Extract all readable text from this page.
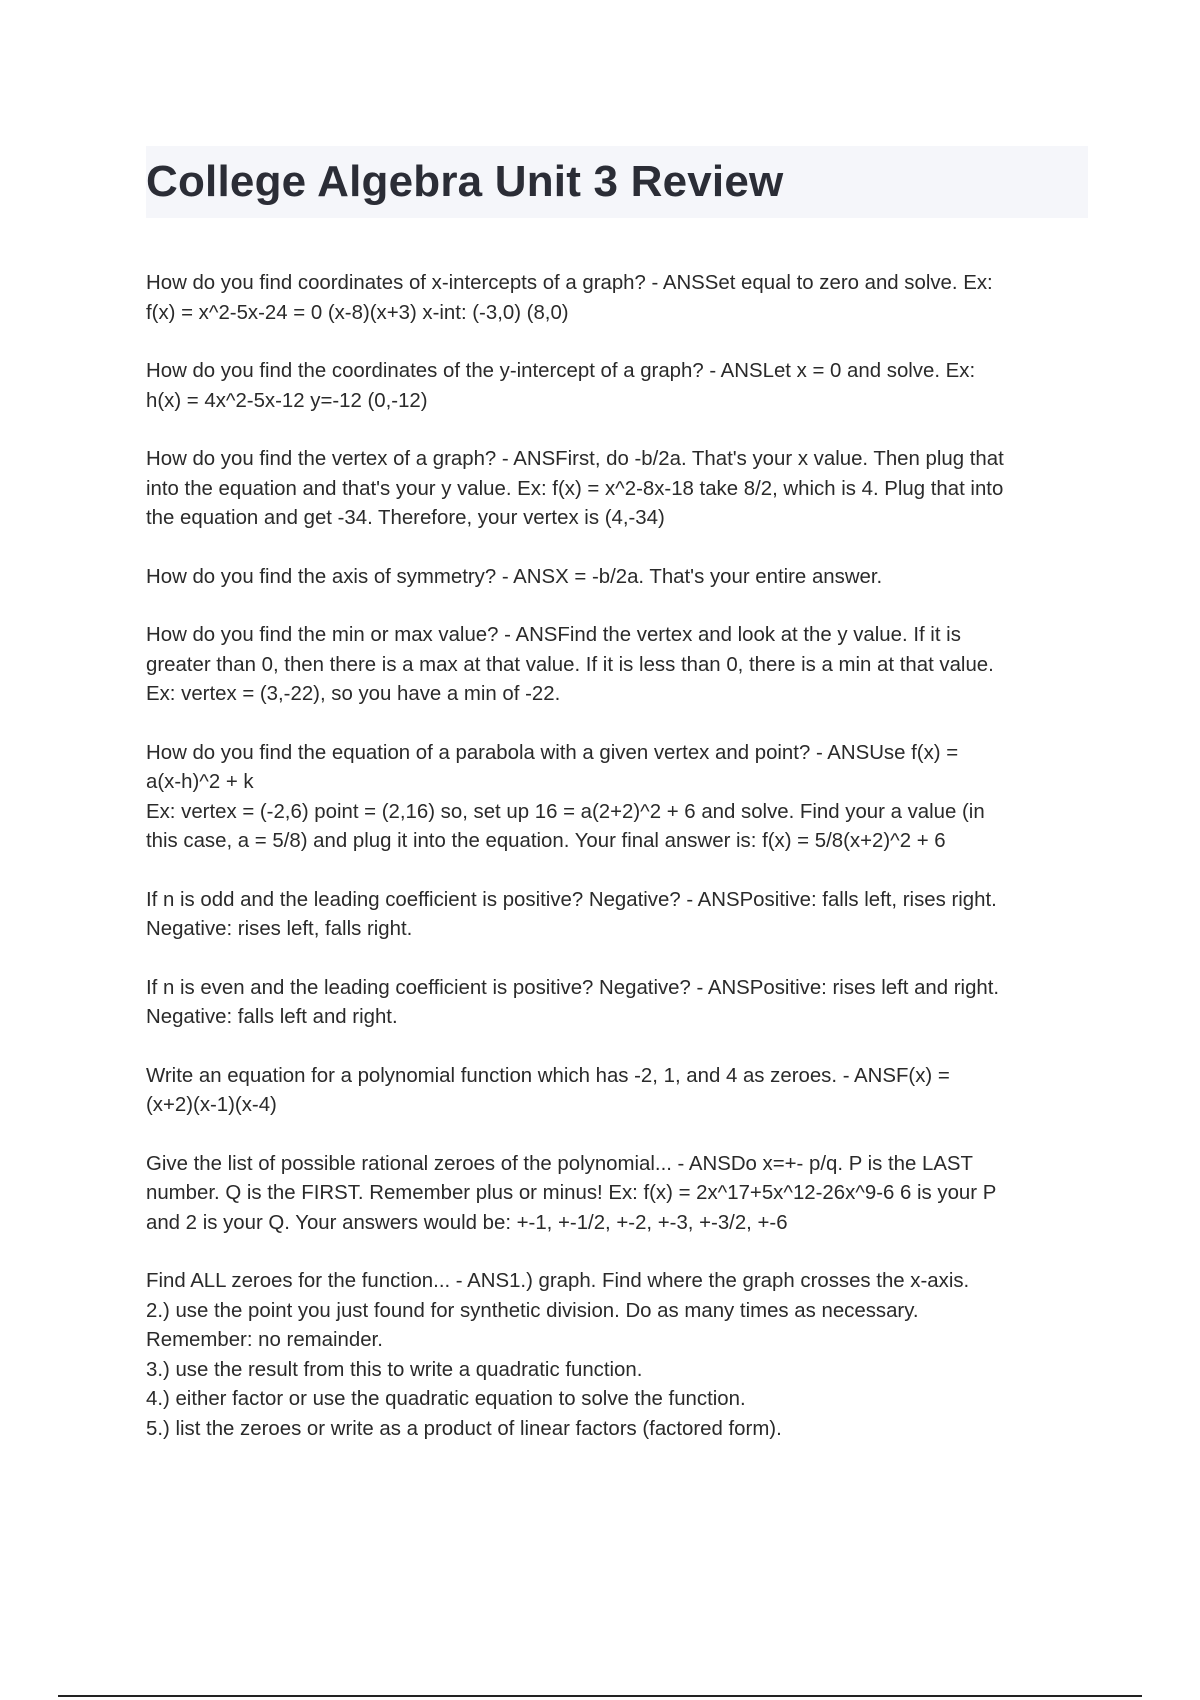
College Algebra Unit 3 Review

How do you find coordinates of x-intercepts of a graph? - ANSSet equal to zero and solve. Ex:
f(x) = x^2-5x-24 = 0 (x-8)(x+3) x-int: (-3,0) (8,0)

How do you find the coordinates of the y-intercept of a graph? - ANSLet x = 0 and solve. Ex:
h(x) = 4x^2-5x-12 y=-12 (0,-12)

How do you find the vertex of a graph? - ANSFirst, do -b/2a. That's your x value. Then plug that
into the equation and that's your y value. Ex: f(x) = x^2-8x-18 take 8/2, which is 4. Plug that into
the equation and get -34. Therefore, your vertex is (4,-34)

How do you find the axis of symmetry? - ANSX = -b/2a. That's your entire answer.

How do you find the min or max value? - ANSFind the vertex and look at the y value. If it is
greater than 0, then there is a max at that value. If it is less than 0, there is a min at that value.
Ex: vertex = (3,-22), so you have a min of -22.

How do you find the equation of a parabola with a given vertex and point? - ANSUse f(x) =
a(x-h)^2 + k
Ex: vertex = (-2,6) point = (2,16) so, set up 16 = a(2+2)^2 + 6 and solve. Find your a value (in
this case, a = 5/8) and plug it into the equation. Your final answer is: f(x) = 5/8(x+2)^2 + 6

If n is odd and the leading coefficient is positive? Negative? - ANSPositive: falls left, rises right.
Negative: rises left, falls right.

If n is even and the leading coefficient is positive? Negative? - ANSPositive: rises left and right.
Negative: falls left and right.

Write an equation for a polynomial function which has -2, 1, and 4 as zeroes. - ANSF(x) =
(x+2)(x-1)(x-4)

Give the list of possible rational zeroes of the polynomial... - ANSDo x=+- p/q. P is the LAST
number. Q is the FIRST. Remember plus or minus! Ex: f(x) = 2x^17+5x^12-26x^9-6 6 is your P
and 2 is your Q. Your answers would be: +-1, +-1/2, +-2, +-3, +-3/2, +-6

Find ALL zeroes for the function... - ANS1.) graph. Find where the graph crosses the x-axis.
2.) use the point you just found for synthetic division. Do as many times as necessary.
Remember: no remainder.
3.) use the result from this to write a quadratic function.
4.) either factor or use the quadratic equation to solve the function.
5.) list the zeroes or write as a product of linear factors (factored form).
